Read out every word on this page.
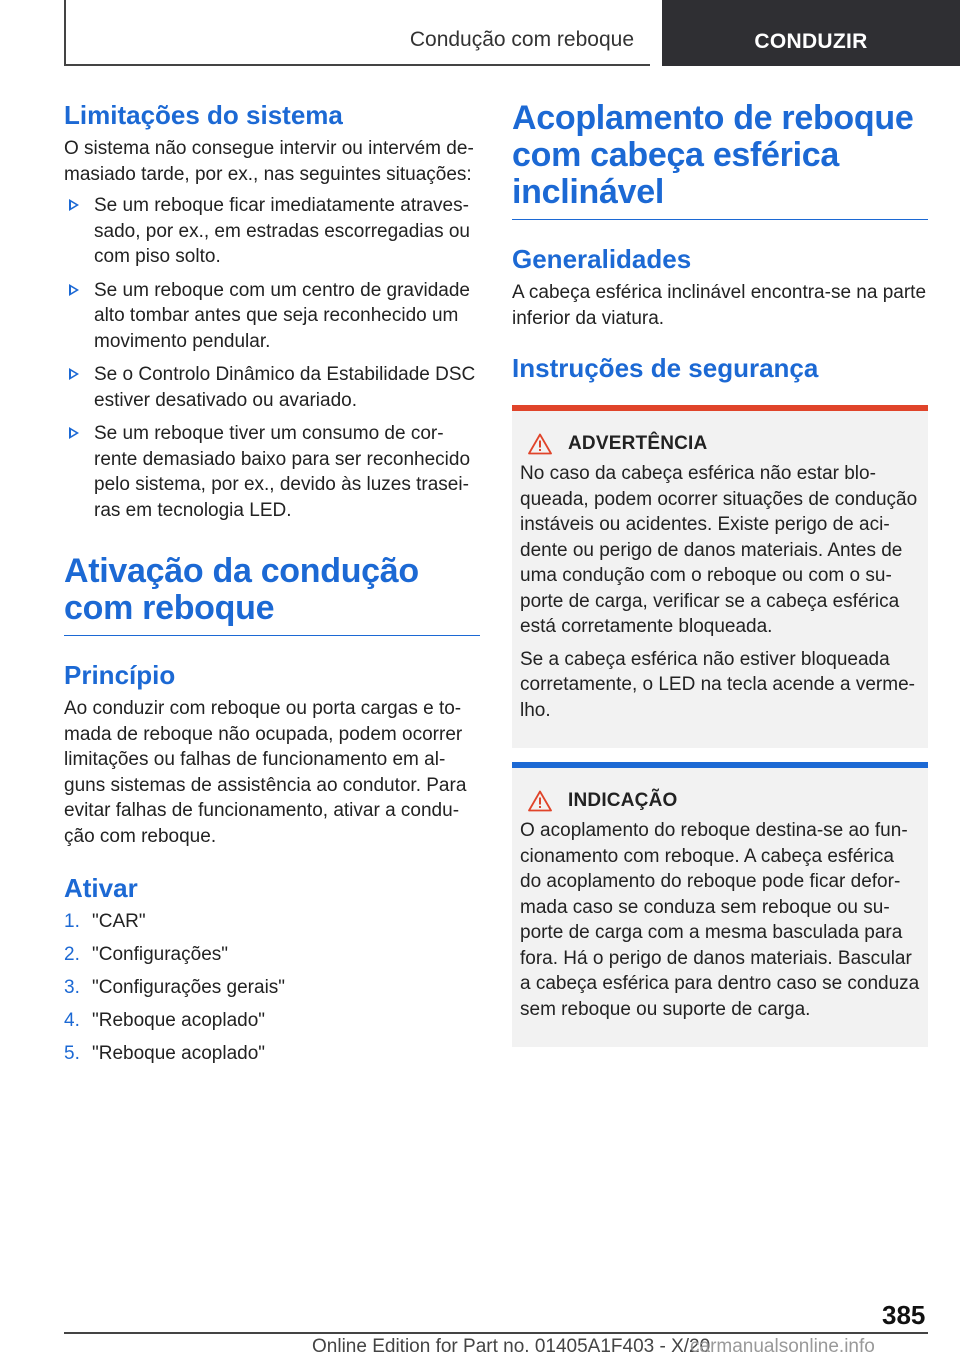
Condução com reboque	CONDUZIR
Limitações do sistema

O sistema não consegue intervir ou intervém demasiado tarde, por ex., nas seguintes situações:

Se um reboque ficar imediatamente atravessado, por ex., em estradas escorregadias ou com piso solto.
Se um reboque com um centro de gravidade alto tombar antes que seja reconhecido um movimento pendular.
Se o Controlo Dinâmico da Estabilidade DSC estiver desativado ou avariado.
Se um reboque tiver um consumo de corrente demasiado baixo para ser reconhecido pelo sistema, por ex., devido às luzes traseiras em tecnologia LED.
Ativação da condução com reboque
Princípio

Ao conduzir com reboque ou porta cargas e tomada de reboque não ocupada, podem ocorrer limitações ou falhas de funcionamento em alguns sistemas de assistência ao condutor. Para evitar falhas de funcionamento, ativar a condução com reboque.

Ativar
1. "CAR"
2. "Configurações"
3. "Configurações gerais"
4. "Reboque acoplado"
5. "Reboque acoplado"
Acoplamento de reboque com cabeça esférica inclinável
Generalidades

A cabeça esférica inclinável encontra-se na parte inferior da viatura.

Instruções de segurança
ADVERTÊNCIA

No caso da cabeça esférica não estar bloqueada, podem ocorrer situações de condução instáveis ou acidentes. Existe perigo de acidente ou perigo de danos materiais. Antes de uma condução com o reboque ou com o suporte de carga, verificar se a cabeça esférica está corretamente bloqueada.

Se a cabeça esférica não estiver bloqueada corretamente, o LED na tecla acende a vermelho.

INDICAÇÃO

O acoplamento do reboque destina-se ao funcionamento com reboque. A cabeça esférica do acoplamento do reboque pode ficar deformada caso se conduza sem reboque ou suporte de carga com a mesma basculada para fora. Há o perigo de danos materiais. Bascular a cabeça esférica para dentro caso se conduza sem reboque ou suporte de carga.

385
Online Edition for Part no. 01405A1F403 - X/20
carmanualsonline.info
